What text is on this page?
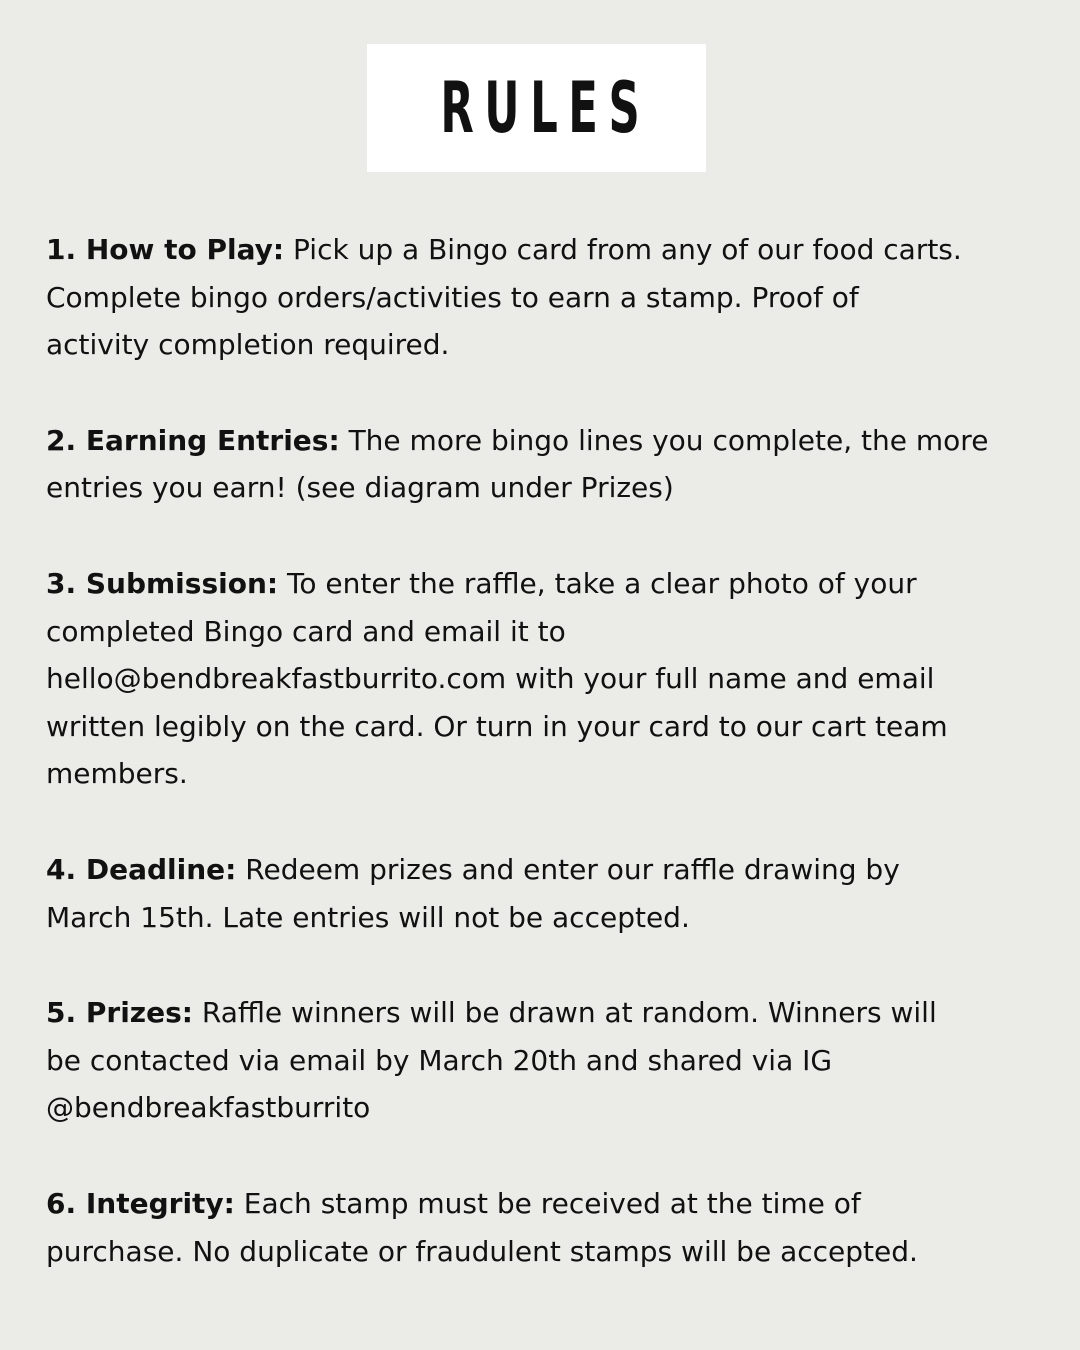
RULES
1. How to Play: Pick up a Bingo card from any of our food carts.
Complete bingo orders/activities to earn a stamp. Proof of
activity completion required.
2. Earning Entries: The more bingo lines you complete, the more
entries you earn! (see diagram under Prizes)
3. Submission: To enter the raffle, take a clear photo of your
completed Bingo card and email it to
hello@bendbreakfastburrito.com with your full name and email
written legibly on the card. Or turn in your card to our cart team
members.
4. Deadline: Redeem prizes and enter our raffle drawing by
March 15th. Late entries will not be accepted.
5. Prizes: Raffle winners will be drawn at random. Winners will
be contacted via email by March 20th and shared via IG
@bendbreakfastburrito
6. Integrity: Each stamp must be received at the time of
purchase. No duplicate or fraudulent stamps will be accepted.
